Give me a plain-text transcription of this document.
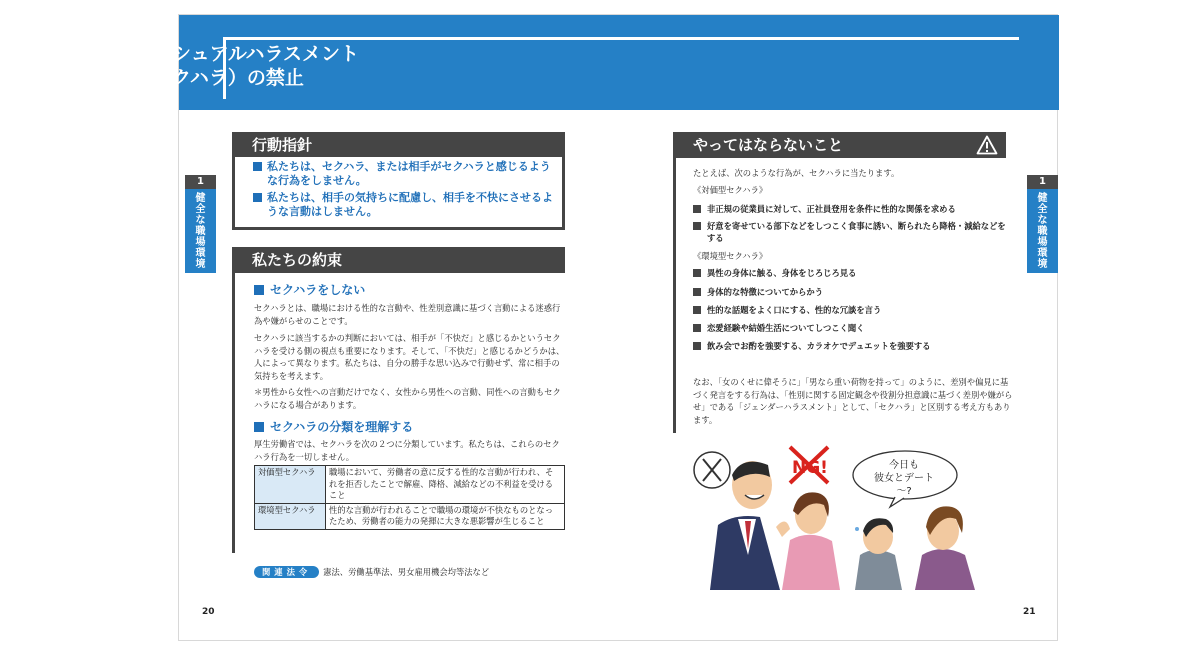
1-5 セクシュアルハラスメント
（セクハラ）の禁止
1
健全な職場環境
1
健全な職場環境
行動指針
私たちは、セクハラ、または相手がセクハラと感じるような行為をしません。
私たちは、相手の気持ちに配慮し、相手を不快にさせるような言動はしません。
私たちの約束
セクハラをしない
セクハラとは、職場における性的な言動や、性差別意識に基づく言動による迷惑行為や嫌がらせのことです。
セクハラに該当するかの判断においては、相手が「不快だ」と感じるかというセクハラを受ける側の視点も重要になります。そして、「不快だ」と感じるかどうかは、人によって異なります。私たちは、自分の勝手な思い込みで行動せず、常に相手の気持ちを考えます。
＊男性から女性への言動だけでなく、女性から男性への言動、同性への言動もセクハラになる場合があります。
セクハラの分類を理解する
厚生労働省では、セクハラを次の２つに分類しています。私たちは、これらのセクハラ行為を一切しません。
対価型セクハラ	職場において、労働者の意に反する性的な言動が行われ、それを拒否したことで解雇、降格、減給などの不利益を受けること
環境型セクハラ	性的な言動が行われることで職場の環境が不快なものとなったため、労働者の能力の発揮に大きな悪影響が生じること
関連法令 憲法、労働基準法、男女雇用機会均等法など
20
やってはならないこと
たとえば、次のような行為が、セクハラに当たります。
《対価型セクハラ》
非正規の従業員に対して、正社員登用を条件に性的な関係を求める
好意を寄せている部下などをしつこく食事に誘い、断られたら降格・減給などをする
《環境型セクハラ》
異性の身体に触る、身体をじろじろ見る
身体的な特徴についてからかう
性的な話題をよく口にする、性的な冗談を言う
恋愛経験や結婚生活についてしつこく聞く
飲み会でお酌を強要する、カラオケでデュエットを強要する
なお、「女のくせに偉そうに」「男なら重い荷物を持って」のように、差別や偏見に基づく発言をする行為は、「性別に関する固定観念や役割分担意識に基づく差別や嫌がらせ」である「ジェンダーハラスメント」として、「セクハラ」と区別する考え方もあります。
NG!	今日も
彼女とデート～?
21
